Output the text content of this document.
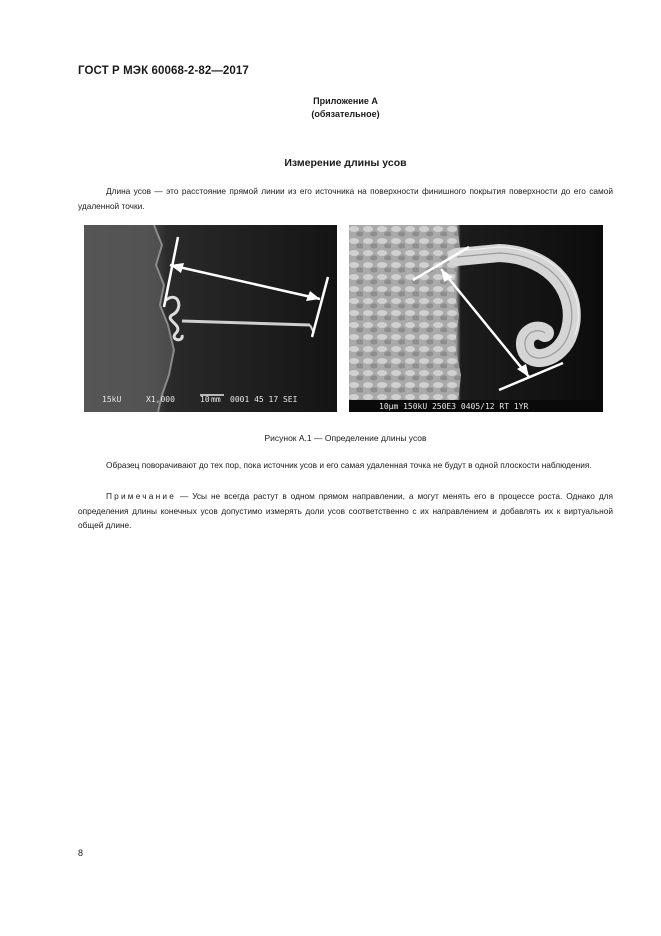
ГОСТ Р МЭК 60068-2-82—2017
Приложение А
(обязательное)
Измерение длины усов
Длина усов — это расстояние прямой линии из его источника на поверхности финишного покрытия поверхности до его самой удаленной точки.
15kU	X1,000	10 mm 0001 45 17 SEI
10µm 150kU 250E3 0405/12 RT 1YR
Рисунок А.1 — Определение длины усов
Образец поворачивают до тех пор, пока источник усов и его самая удаленная точка не будут в одной плоскости наблюдения.
Примечание — Усы не всегда растут в одном прямом направлении, а могут менять его в процессе роста. Однако для определения длины конечных усов допустимо измерять доли усов соответственно с их направлением и добавлять их к виртуальной общей длине.
8
